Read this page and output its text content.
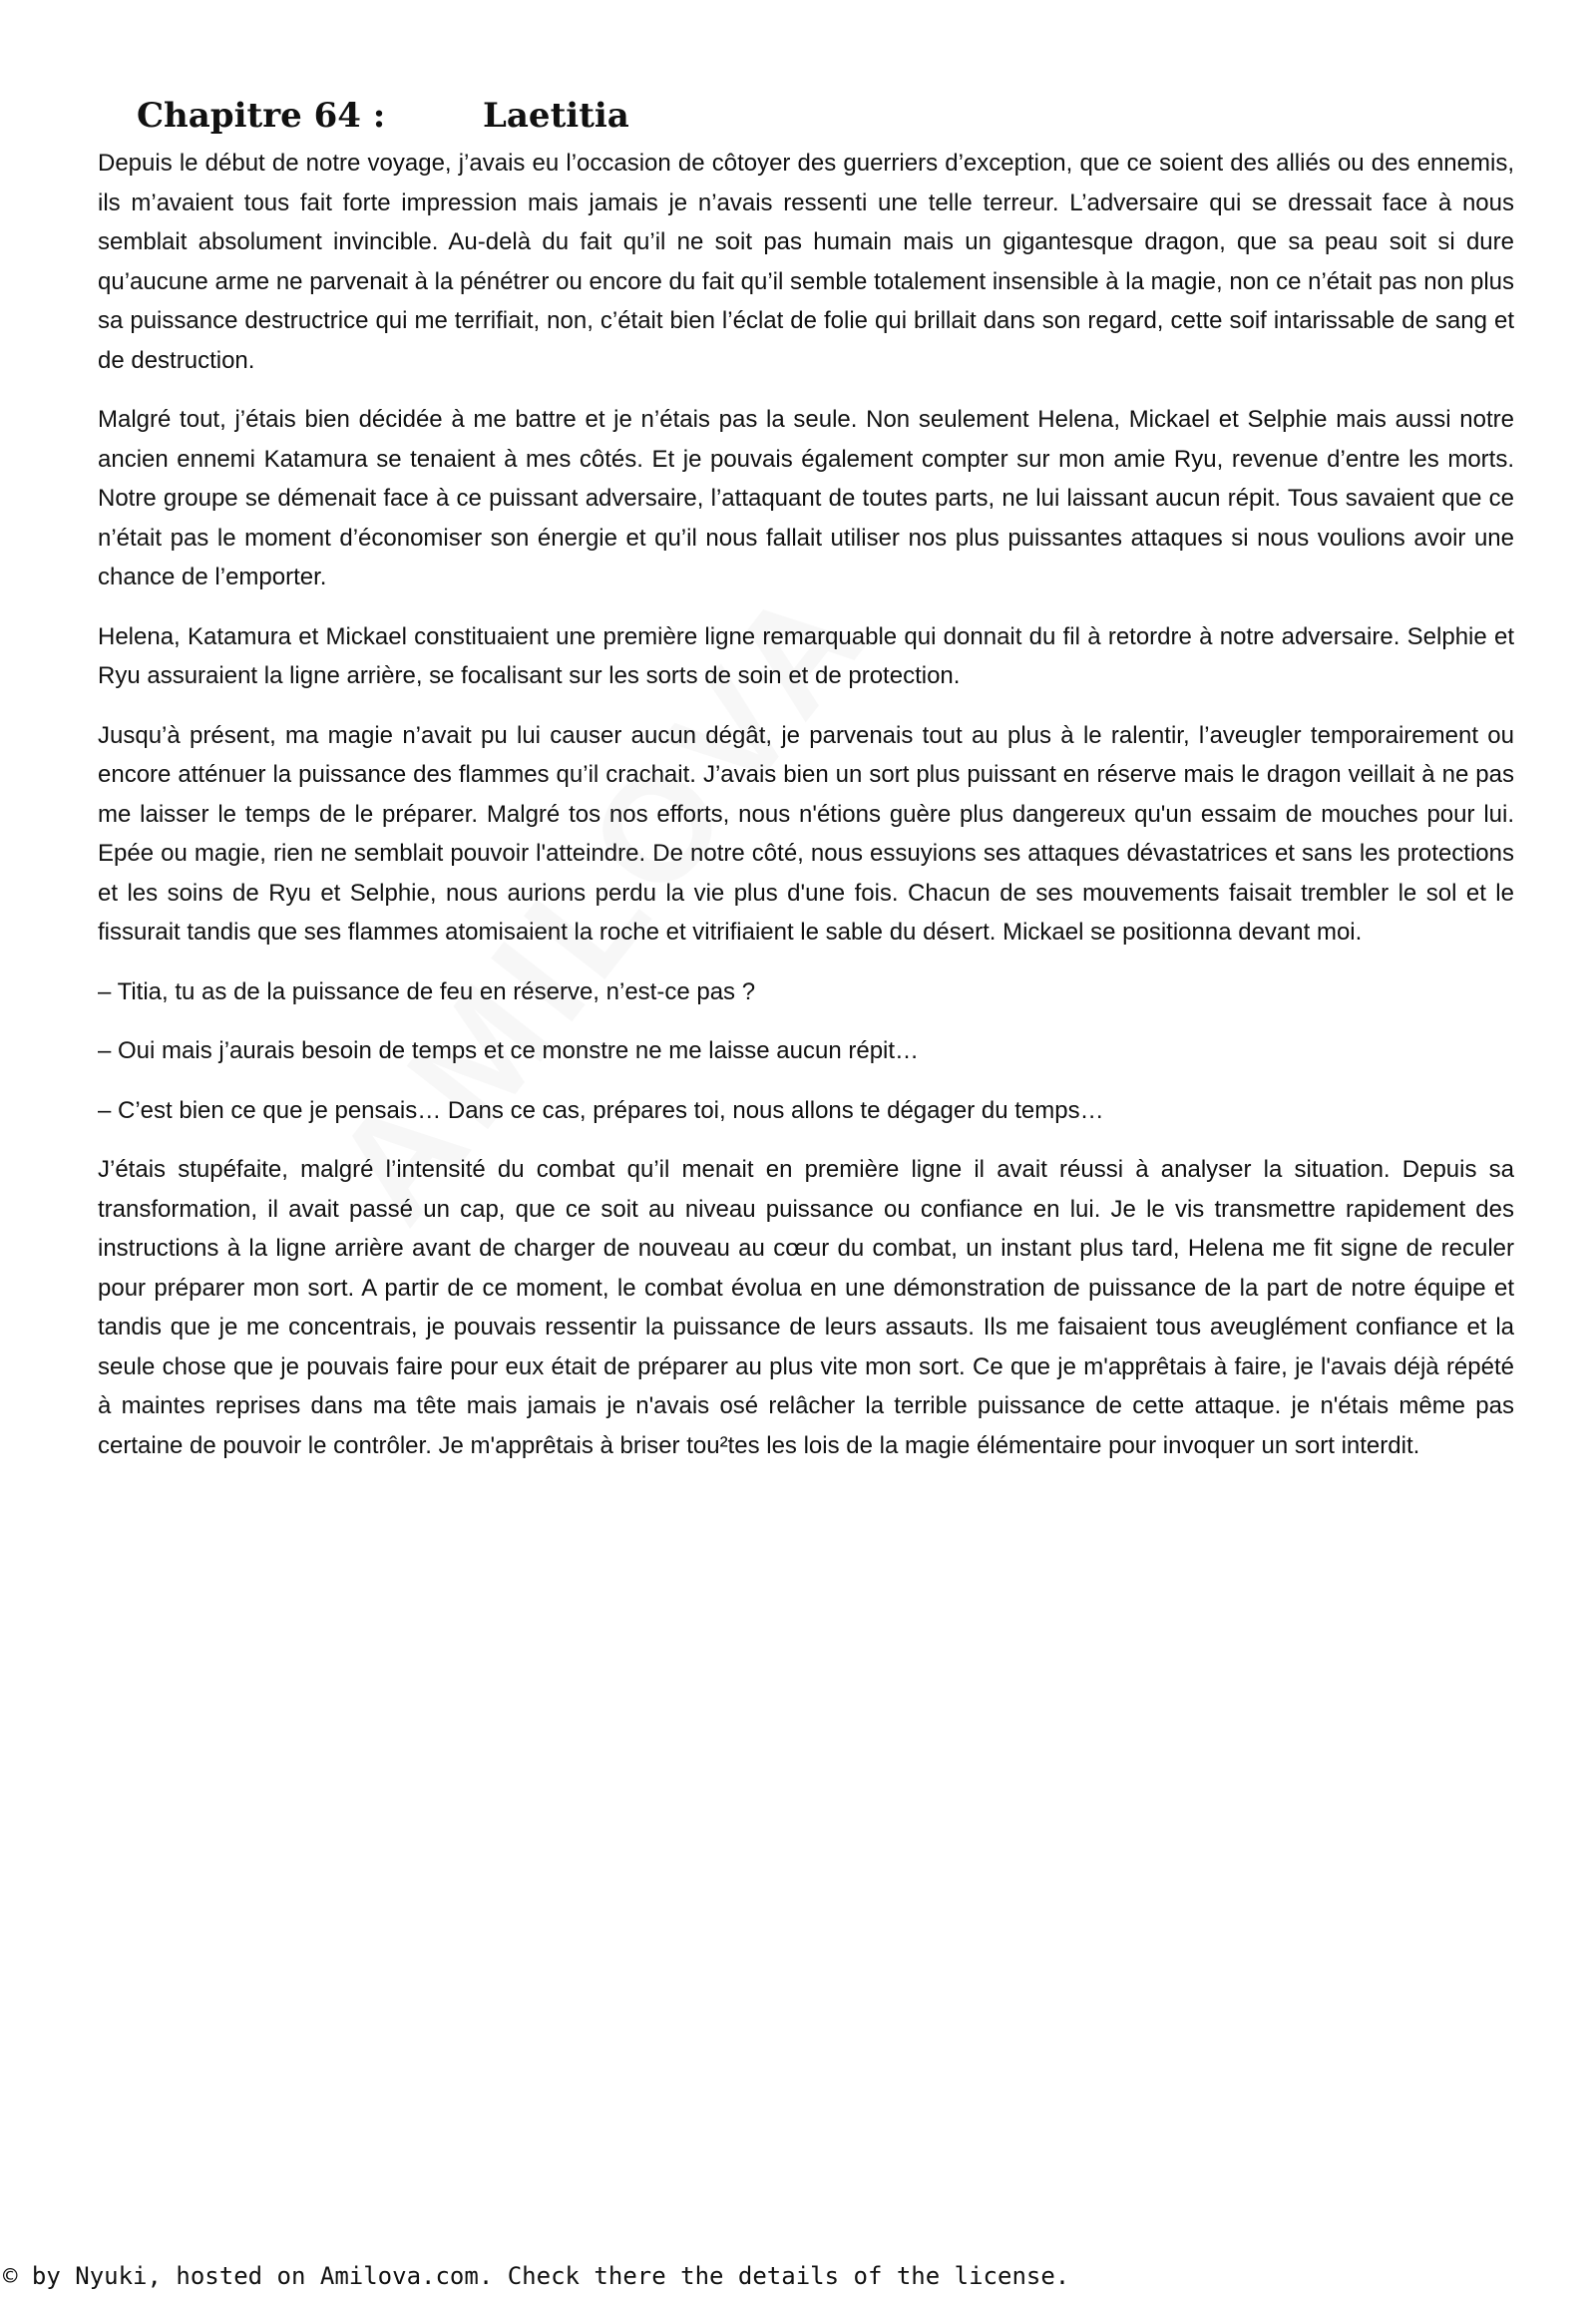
Chapitre 64 :	Laetitia

Depuis le début de notre voyage, j’avais eu l’occasion de côtoyer des guerriers d’exception, que ce soient des alliés ou des ennemis, ils m’avaient tous fait forte impression mais jamais je n’avais ressenti une telle terreur. L’adversaire qui se dressait face à nous semblait absolument invincible. Au-delà du fait qu’il ne soit pas humain mais un gigantesque dragon, que sa peau soit si dure qu’aucune arme ne parvenait à la pénétrer ou encore du fait qu’il semble totalement insensible à la magie, non ce n’était pas non plus sa puissance destructrice qui me terrifiait, non, c’était bien l’éclat de folie qui brillait dans son regard, cette soif intarissable de sang et de destruction.

Malgré tout, j’étais bien décidée à me battre et je n’étais pas la seule. Non seulement Helena, Mickael et Selphie mais aussi notre ancien ennemi Katamura se tenaient à mes côtés. Et je pouvais également compter sur mon amie Ryu, revenue d’entre les morts. Notre groupe se démenait face à ce puissant adversaire, l’attaquant de toutes parts, ne lui laissant aucun répit. Tous savaient que ce n’était pas le moment d’économiser son énergie et qu’il nous fallait utiliser nos plus puissantes attaques si nous voulions avoir une chance de l’emporter.

Helena, Katamura et Mickael constituaient une première ligne remarquable qui donnait du fil à retordre à notre adversaire. Selphie et Ryu assuraient la ligne arrière, se focalisant sur les sorts de soin et de protection.

Jusqu’à présent, ma magie n’avait pu lui causer aucun dégât, je parvenais tout au plus à le ralentir, l’aveugler temporairement ou encore atténuer la puissance des flammes qu’il crachait. J’avais bien un sort plus puissant en réserve mais le dragon veillait à ne pas me laisser le temps de le préparer. Malgré tos nos efforts, nous n'étions guère plus dangereux qu'un essaim de mouches pour lui. Epée ou magie, rien ne semblait pouvoir l'atteindre. De notre côté, nous essuyions ses attaques dévastatrices et sans les protections et les soins de Ryu et Selphie, nous aurions perdu la vie plus d'une fois. Chacun de ses mouvements faisait trembler le sol et le fissurait tandis que ses flammes atomisaient la roche et vitrifiaient le sable du désert. Mickael se positionna devant moi.

– Titia, tu as de la puissance de feu en réserve, n’est-ce pas ?

– Oui mais j’aurais besoin de temps et ce monstre ne me laisse aucun répit…

– C’est bien ce que je pensais… Dans ce cas, prépares toi, nous allons te dégager du temps…

J’étais stupéfaite, malgré l’intensité du combat qu’il menait en première ligne il avait réussi à analyser la situation. Depuis sa transformation, il avait passé un cap, que ce soit au niveau puissance ou confiance en lui. Je le vis transmettre rapidement des instructions à la ligne arrière avant de charger de nouveau au cœur du combat, un instant plus tard, Helena me fit signe de reculer pour préparer mon sort. A partir de ce moment, le combat évolua en une démonstration de puissance de la part de notre équipe et tandis que je me concentrais, je pouvais ressentir la puissance de leurs assauts. Ils me faisaient tous aveuglément confiance et la seule chose que je pouvais faire pour eux était de préparer au plus vite mon sort. Ce que je m'apprêtais à faire, je l'avais déjà répété à maintes reprises dans ma tête mais jamais je n'avais osé relâcher la terrible puissance de cette attaque. je n'étais même pas certaine de pouvoir le contrôler. Je m'apprêtais à briser tou²tes les lois de la magie élémentaire pour invoquer un sort interdit.

© by Nyuki, hosted on Amilova.com. Check there the details of the license.
